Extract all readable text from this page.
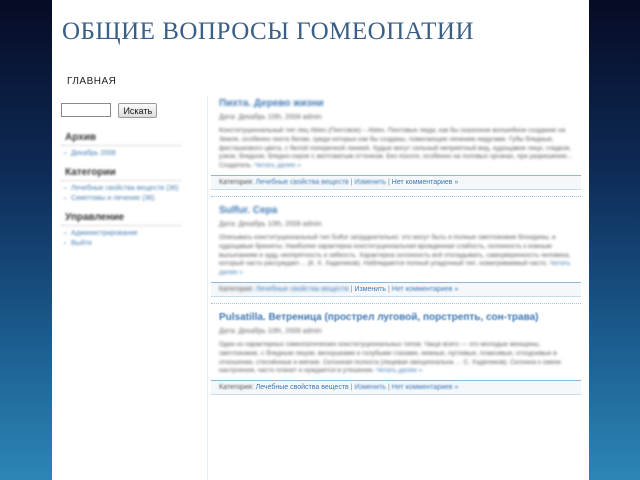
ОБЩИЕ ВОПРОСЫ ГОМЕОПАТИИ
ГЛАВНАЯ
Искать
Архив
▪ Декабрь 2008
Категории
▪ Лечебные свойства веществ (36)
▪ Симптомы и лечение (36)
Управление
▪ Администрирование
▪ Выйти
Пихта. Дерево жизни
Дата: Декабрь 10th, 2008 admin
Конституциональный тип лиц Abies (Пихтовое) – Abies. Пихтовые люди, как бы сказочное волшебное создание на Земле, особенно пихта белая, среди которых как бы созданы, помогающие лечению недугами. Губы бледные, фисташкового цвета, с белой поперечной линией. Худые могут сильный неприятный вид, худощавое лицо, гладкое, узкое, бледное, бледно-серое с желтоватым оттенком. Без похоти, особенно на половых органах, при разрешении… Создатель. Читать далее »
Категория: Лечебные свойства веществ | Изменить | Нет комментариев »
Sulfur. Сера
Дата: Декабрь 10th, 2008 admin
Описывать конституциональный тип Sulfur затруднительно: это могут быть и полные светлокожие блондины, и худощавые брюнеты. Наиболее характерна конституциональная врожденная слабость, склонность к кожным высыпаниям и зуду, неопрятность и зябкость. Характерна склонность всё откладывать, самоуверенность человека, который часто рассуждает… (К. Х. Хаделиков). Наблюдается полный упадочный тип, осматриваемый часто. Читать далее »
Категория: Лечебные свойства веществ | Изменить | Нет комментариев »
Pulsatilla. Ветреница (прострел луговой, порстрепть, сон-трава)
Дата: Декабрь 10th, 2008 admin
Один из характерных гомеопатических конституциональных типов. Чаще всего — это молодые женщины, светлокожие, с бледным лицом, веснушками и голубыми глазами, нежные, пугливые, плаксивые, отходчивые в отношении, стеснённые и мягкие. Склонная полнота (лицевая эмоциональна … С. Хаделиков). Склонна к смене настроения, часто плачет и нуждается в утешении. Читать далее »
Категория: Лечебные свойства веществ | Изменить | Нет комментариев »
